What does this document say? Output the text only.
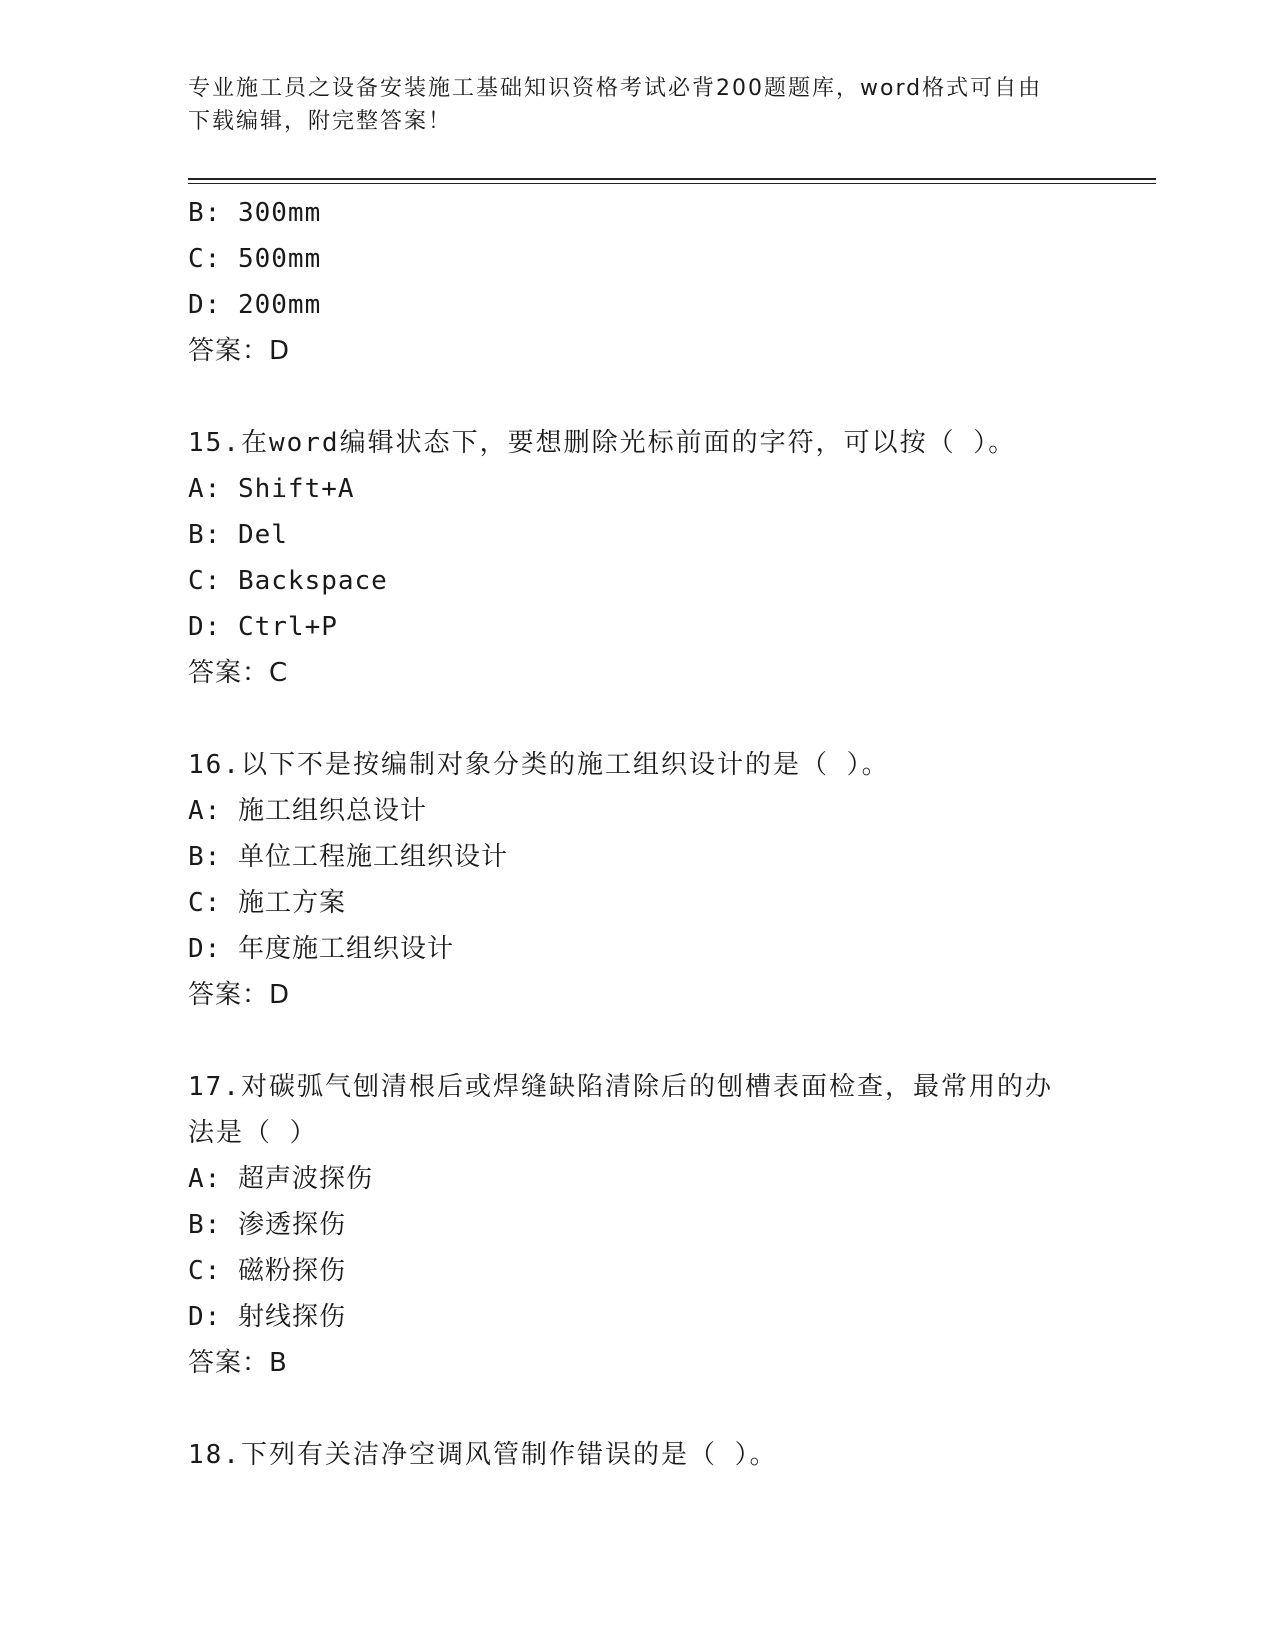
专业施工员之设备安装施工基础知识资格考试必背200题题库，word格式可自由
下载编辑，附完整答案！
B: 300mm
C: 500mm
D: 200mm
答案：D
15.在word编辑状态下，要想删除光标前面的字符，可以按（ ）。
A: Shift+A
B: Del
C: Backspace
D: Ctrl+P
答案：C
16.以下不是按编制对象分类的施工组织设计的是（ ）。
A: 施工组织总设计
B: 单位工程施工组织设计
C: 施工方案
D: 年度施工组织设计
答案：D
17.对碳弧气刨清根后或焊缝缺陷清除后的刨槽表面检查，最常用的办
法是（ ）
A: 超声波探伤
B: 渗透探伤
C: 磁粉探伤
D: 射线探伤
答案：B
18.下列有关洁净空调风管制作错误的是（ ）。
